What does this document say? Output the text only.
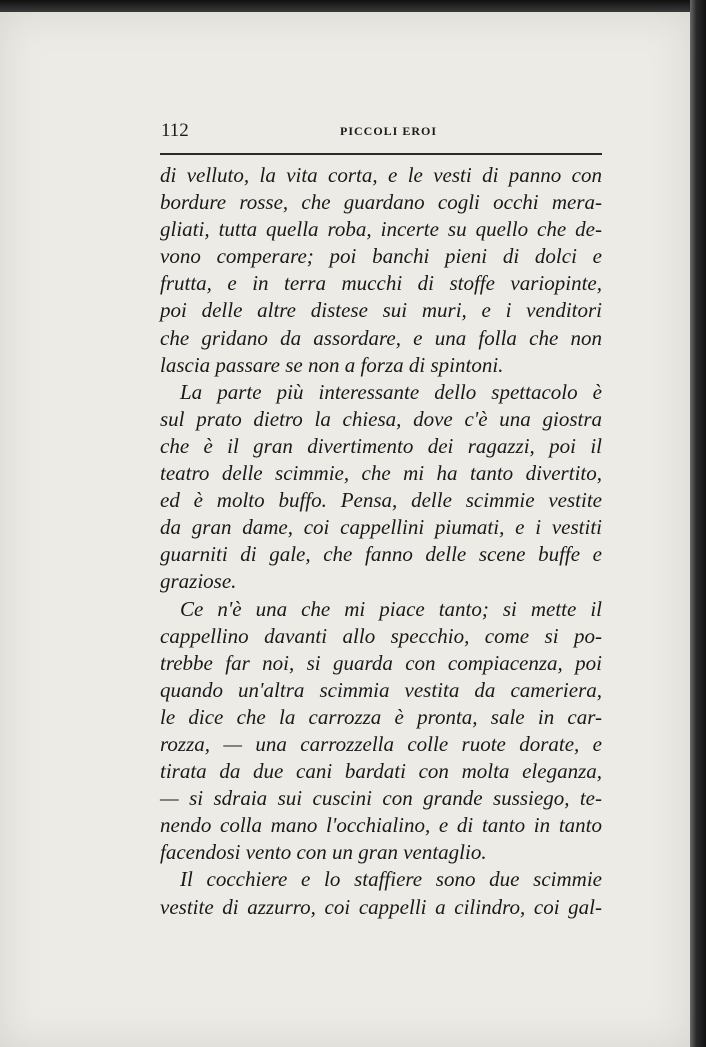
112	PICCOLI EROI
di velluto, la vita corta, e le vesti di panno con
bordure rosse, che guardano cogli occhi mera-
gliati, tutta quella roba, incerte su quello che de-
vono comperare; poi banchi pieni di dolci e
frutta, e in terra mucchi di stoffe variopinte,
poi delle altre distese sui muri, e i venditori
che gridano da assordare, e una folla che non
lascia passare se non a forza di spintoni.
La parte più interessante dello spettacolo è
sul prato dietro la chiesa, dove c'è una giostra
che è il gran divertimento dei ragazzi, poi il
teatro delle scimmie, che mi ha tanto divertito,
ed è molto buffo. Pensa, delle scimmie vestite
da gran dame, coi cappellini piumati, e i vestiti
guarniti di gale, che fanno delle scene buffe e
graziose.
Ce n'è una che mi piace tanto; si mette il
cappellino davanti allo specchio, come si po-
trebbe far noi, si guarda con compiacenza, poi
quando un'altra scimmia vestita da cameriera,
le dice che la carrozza è pronta, sale in car-
rozza, — una carrozzella colle ruote dorate, e
tirata da due cani bardati con molta eleganza,
— si sdraia sui cuscini con grande sussiego, te-
nendo colla mano l'occhialino, e di tanto in tanto
facendosi vento con un gran ventaglio.
Il cocchiere e lo staffiere sono due scimmie
vestite di azzurro, coi cappelli a cilindro, coi gal-
